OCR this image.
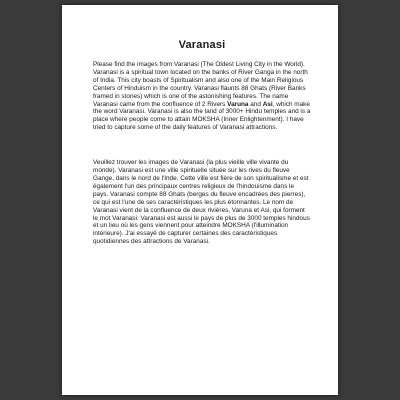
Varanasi

Please find the images from Varanasi (The Oldest Living City in the World). Varanasi is a spiritual town located on the banks of River Ganga in the north of India. This city boasts of Spiritualism and also one of the Main Religious Centers of Hinduism in the country. Varanasi flaunts 88 Ghats (River Banks framed in stones) which is one of the astonishing features. The name Varanasi came from the confluence of 2 Rivers Varuna and Asi, which make the word Varanasi. Varanasi is also the land of 3000+ Hindu temples and is a place where people come to attain MOKSHA (Inner Enlightenment). I have tried to capture some of the daily features of Varanasi attractions.

Veuillez trouver les images de Varanasi (la plus vieille ville vivante du monde). Varanasi est une ville spirituelle située sur les rives du fleuve Gange, dans le nord de l'Inde. Cette ville est fière de son spiritualisme et est également l'un des principaux centres religieux de l'hindouisme dans le pays. Varanasi compte 88 Ghats (berges du fleuve encadrées des pierres), ce qui est l'une de ses caractéristiques les plus étonnantes. Le nom de Varanasi vient de la confluence de deux rivières, Varuna et Asi, qui forment le mot Varanasi. Varanasi est aussi le pays de plus de 3000 temples hindous et un lieu où les gens viennent pour atteindre MOKSHA (l'illumination intérieure). J'ai essayé de capturer certaines des caractéristiques quotidiennes des attractions de Varanasi.
